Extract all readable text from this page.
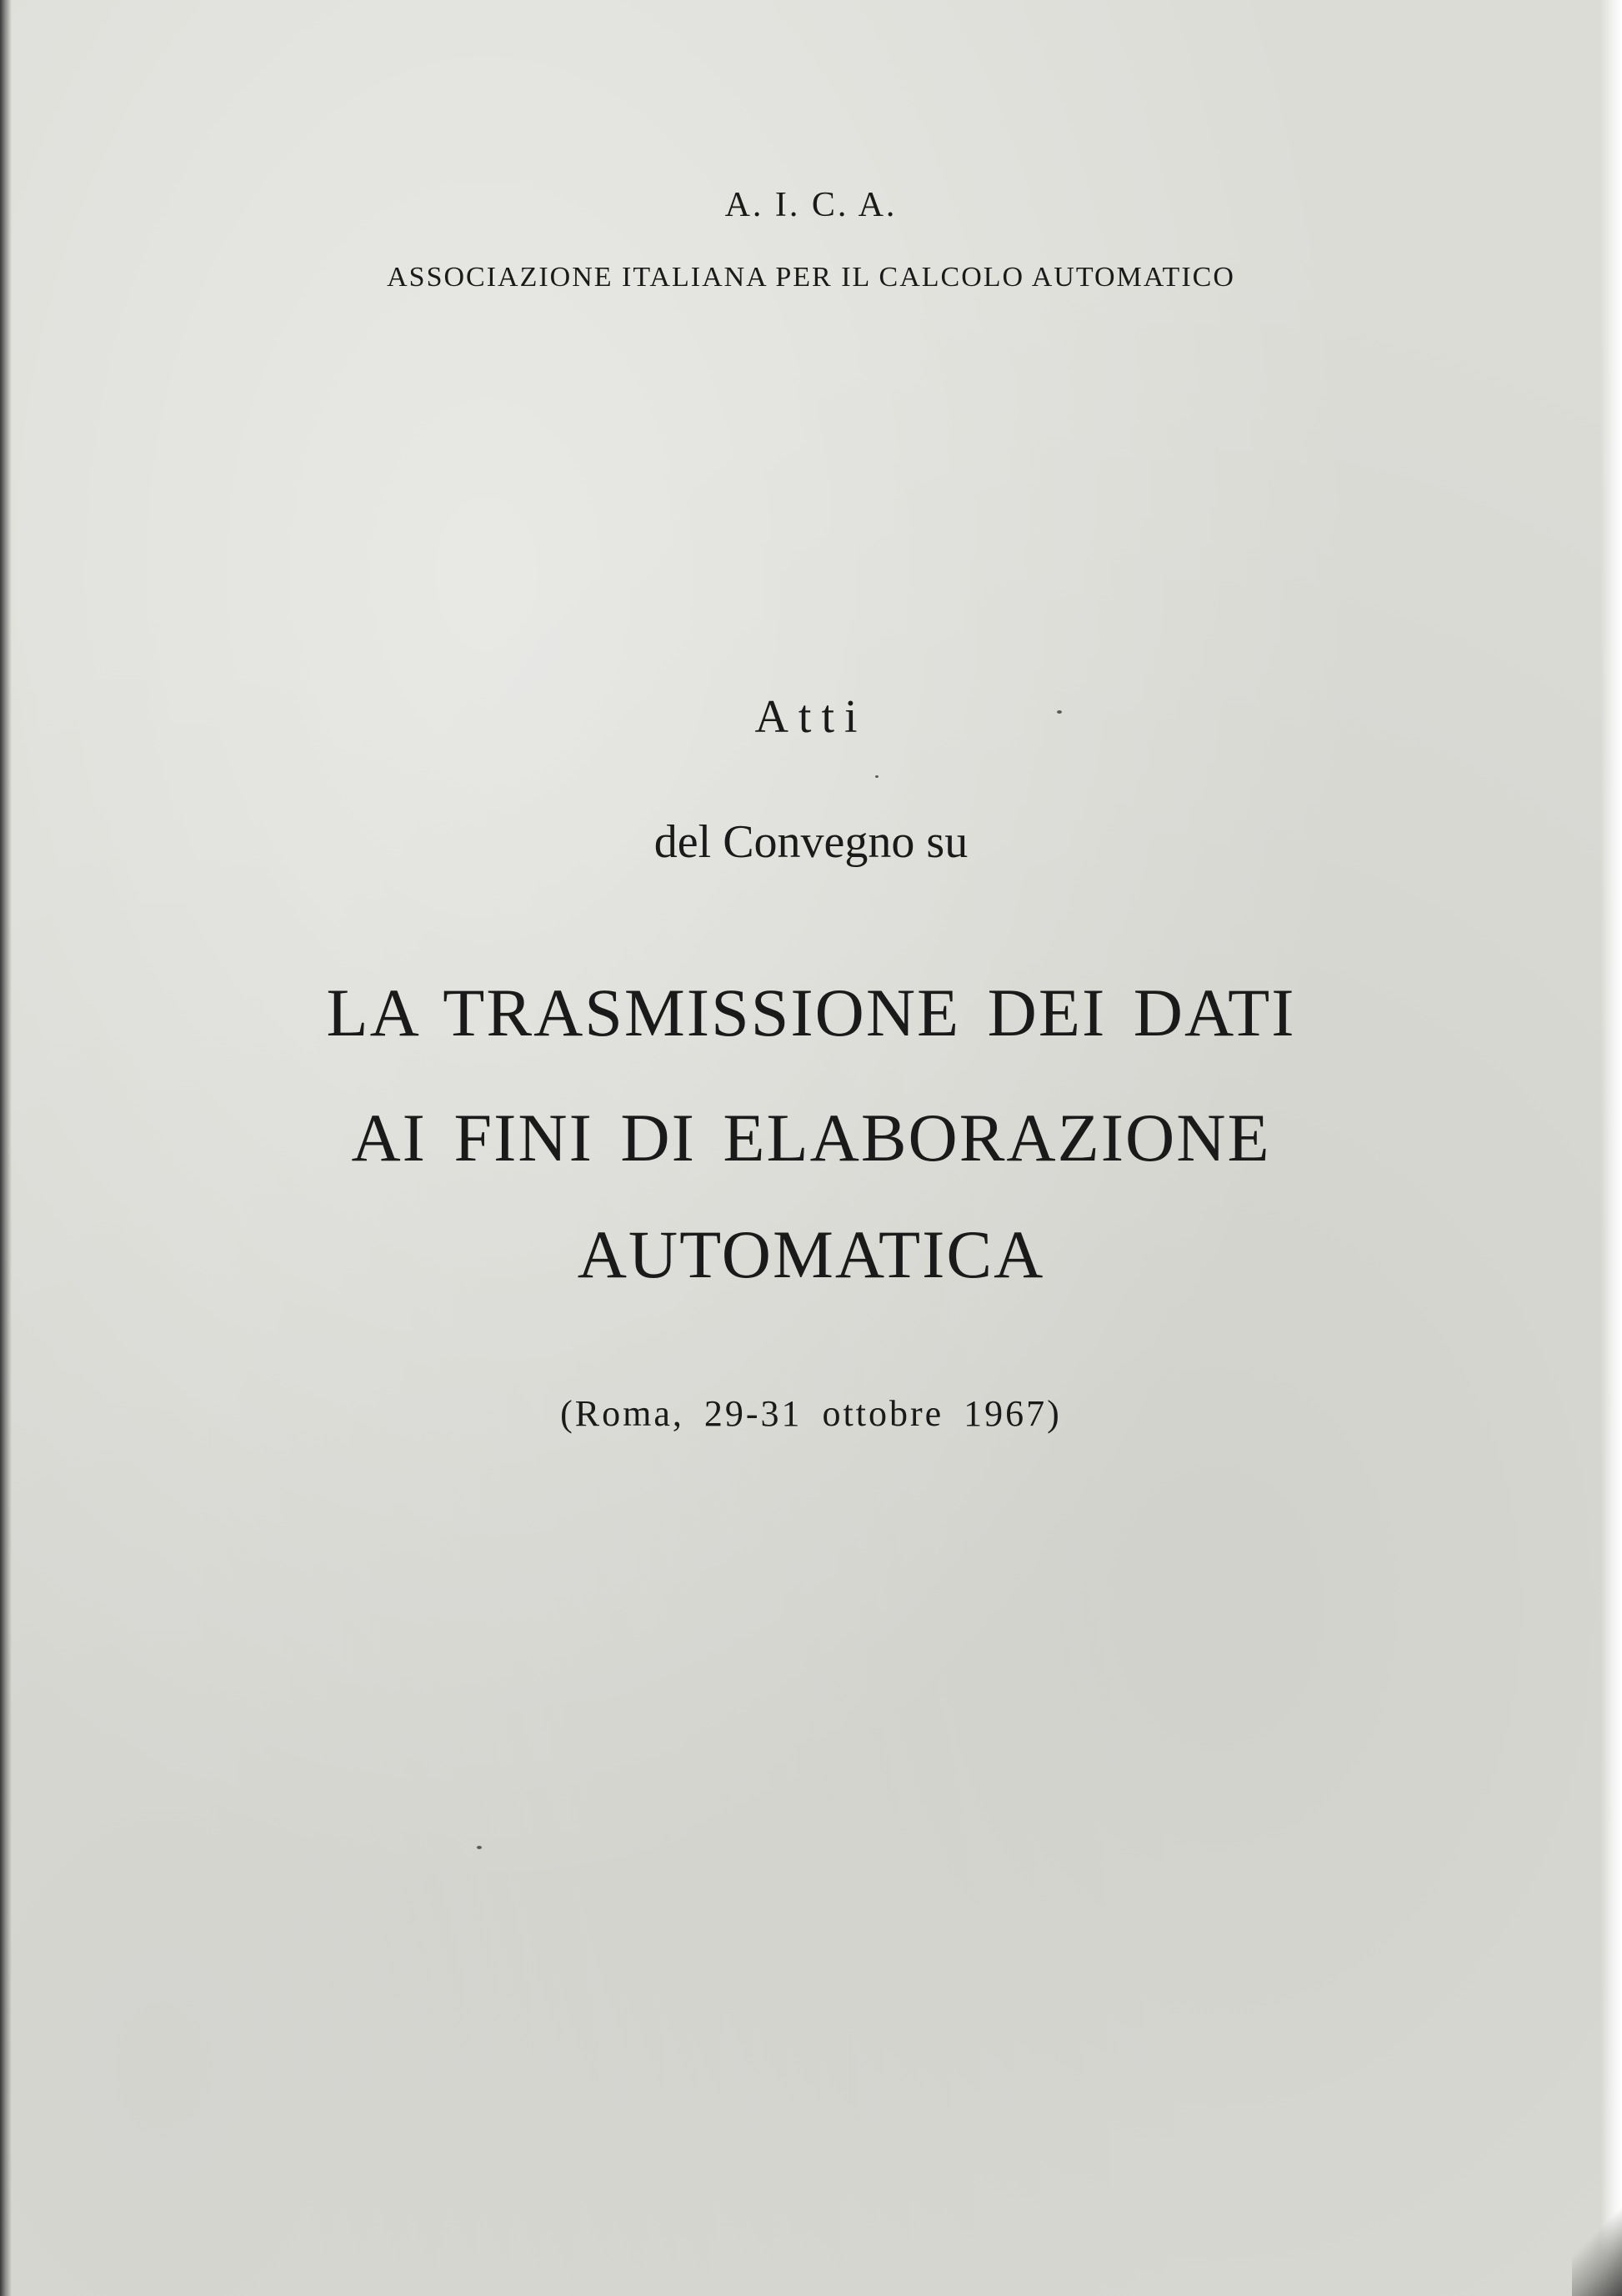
A. I. C. A.

ASSOCIAZIONE ITALIANA PER IL CALCOLO AUTOMATICO

Atti

del Convegno su

LA TRASMISSIONE DEI DATI

AI FINI DI ELABORAZIONE

AUTOMATICA

(Roma, 29-31 ottobre 1967)
